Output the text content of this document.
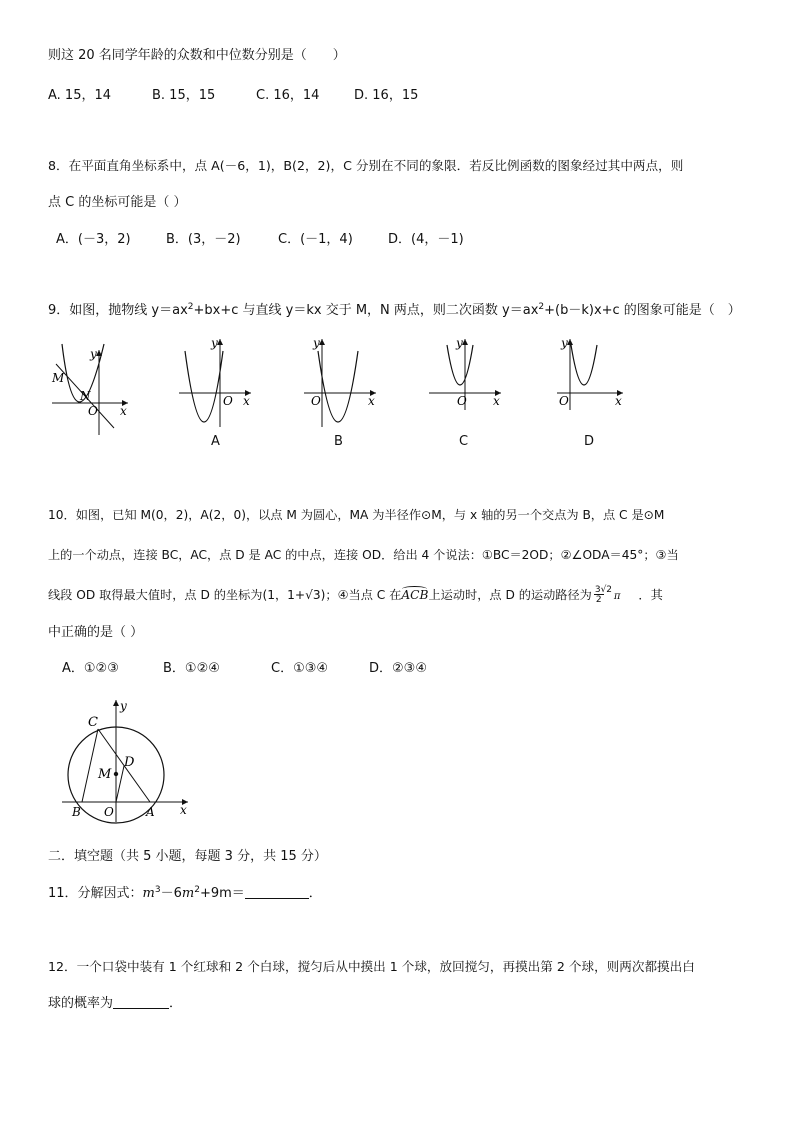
则这 20 名同学年龄的众数和中位数分别是（　　）
A. 15，14	B. 15，15	C. 16，14	D. 16，15
8．在平面直角坐标系中，点 A(－6，1)，B(2，2)，C 分别在不同的象限．若反比例函数的图象经过其中两点，则
点 C 的坐标可能是（ ）
A．(－3，2)	B．(3，－2)	C．(－1，4)	D．(4，－1)
9．如图，抛物线 $y=ax^2+bx+c$ 与直线 y＝kx 交于 M，N 两点，则二次函数 $y=ax^2+(b-k)x+c$ 的图象可能是（　）
y
x
O
M
N
y
x
O
A
y
x
O
B
y
x
O
C
y
x
O
D
10．如图，已知 M(0，2)，A(2，0)，以点 M 为圆心，MA 为半径作⊙M，与 x 轴的另一个交点为 B，点 C 是⊙M
上的一个动点，连接 BC，AC，点 D 是 AC 的中点，连接 OD．给出 4 个说法：①BC＝2OD；②∠ODA＝45°；③当
线段 OD 取得最大值时，点 D 的坐标为(1，1+√3)；④当点 C 在ACB
上运动时，点 D 的运动路径为 3√2
2 π ．其
中正确的是（ ）
A．①②③	B．①②④	C．①③④	D．②③④
y
x
C
D
M
B O	A
二．填空题（共 5 小题，每题 3 分，共 15 分）
11．分解因式：$m^3-6m^2+9m=$	．
12．一个口袋中装有 1 个红球和 2 个白球，搅匀后从中摸出 1 个球，放回搅匀，再摸出第 2 个球，则两次都摸出白
球的概率为	．
